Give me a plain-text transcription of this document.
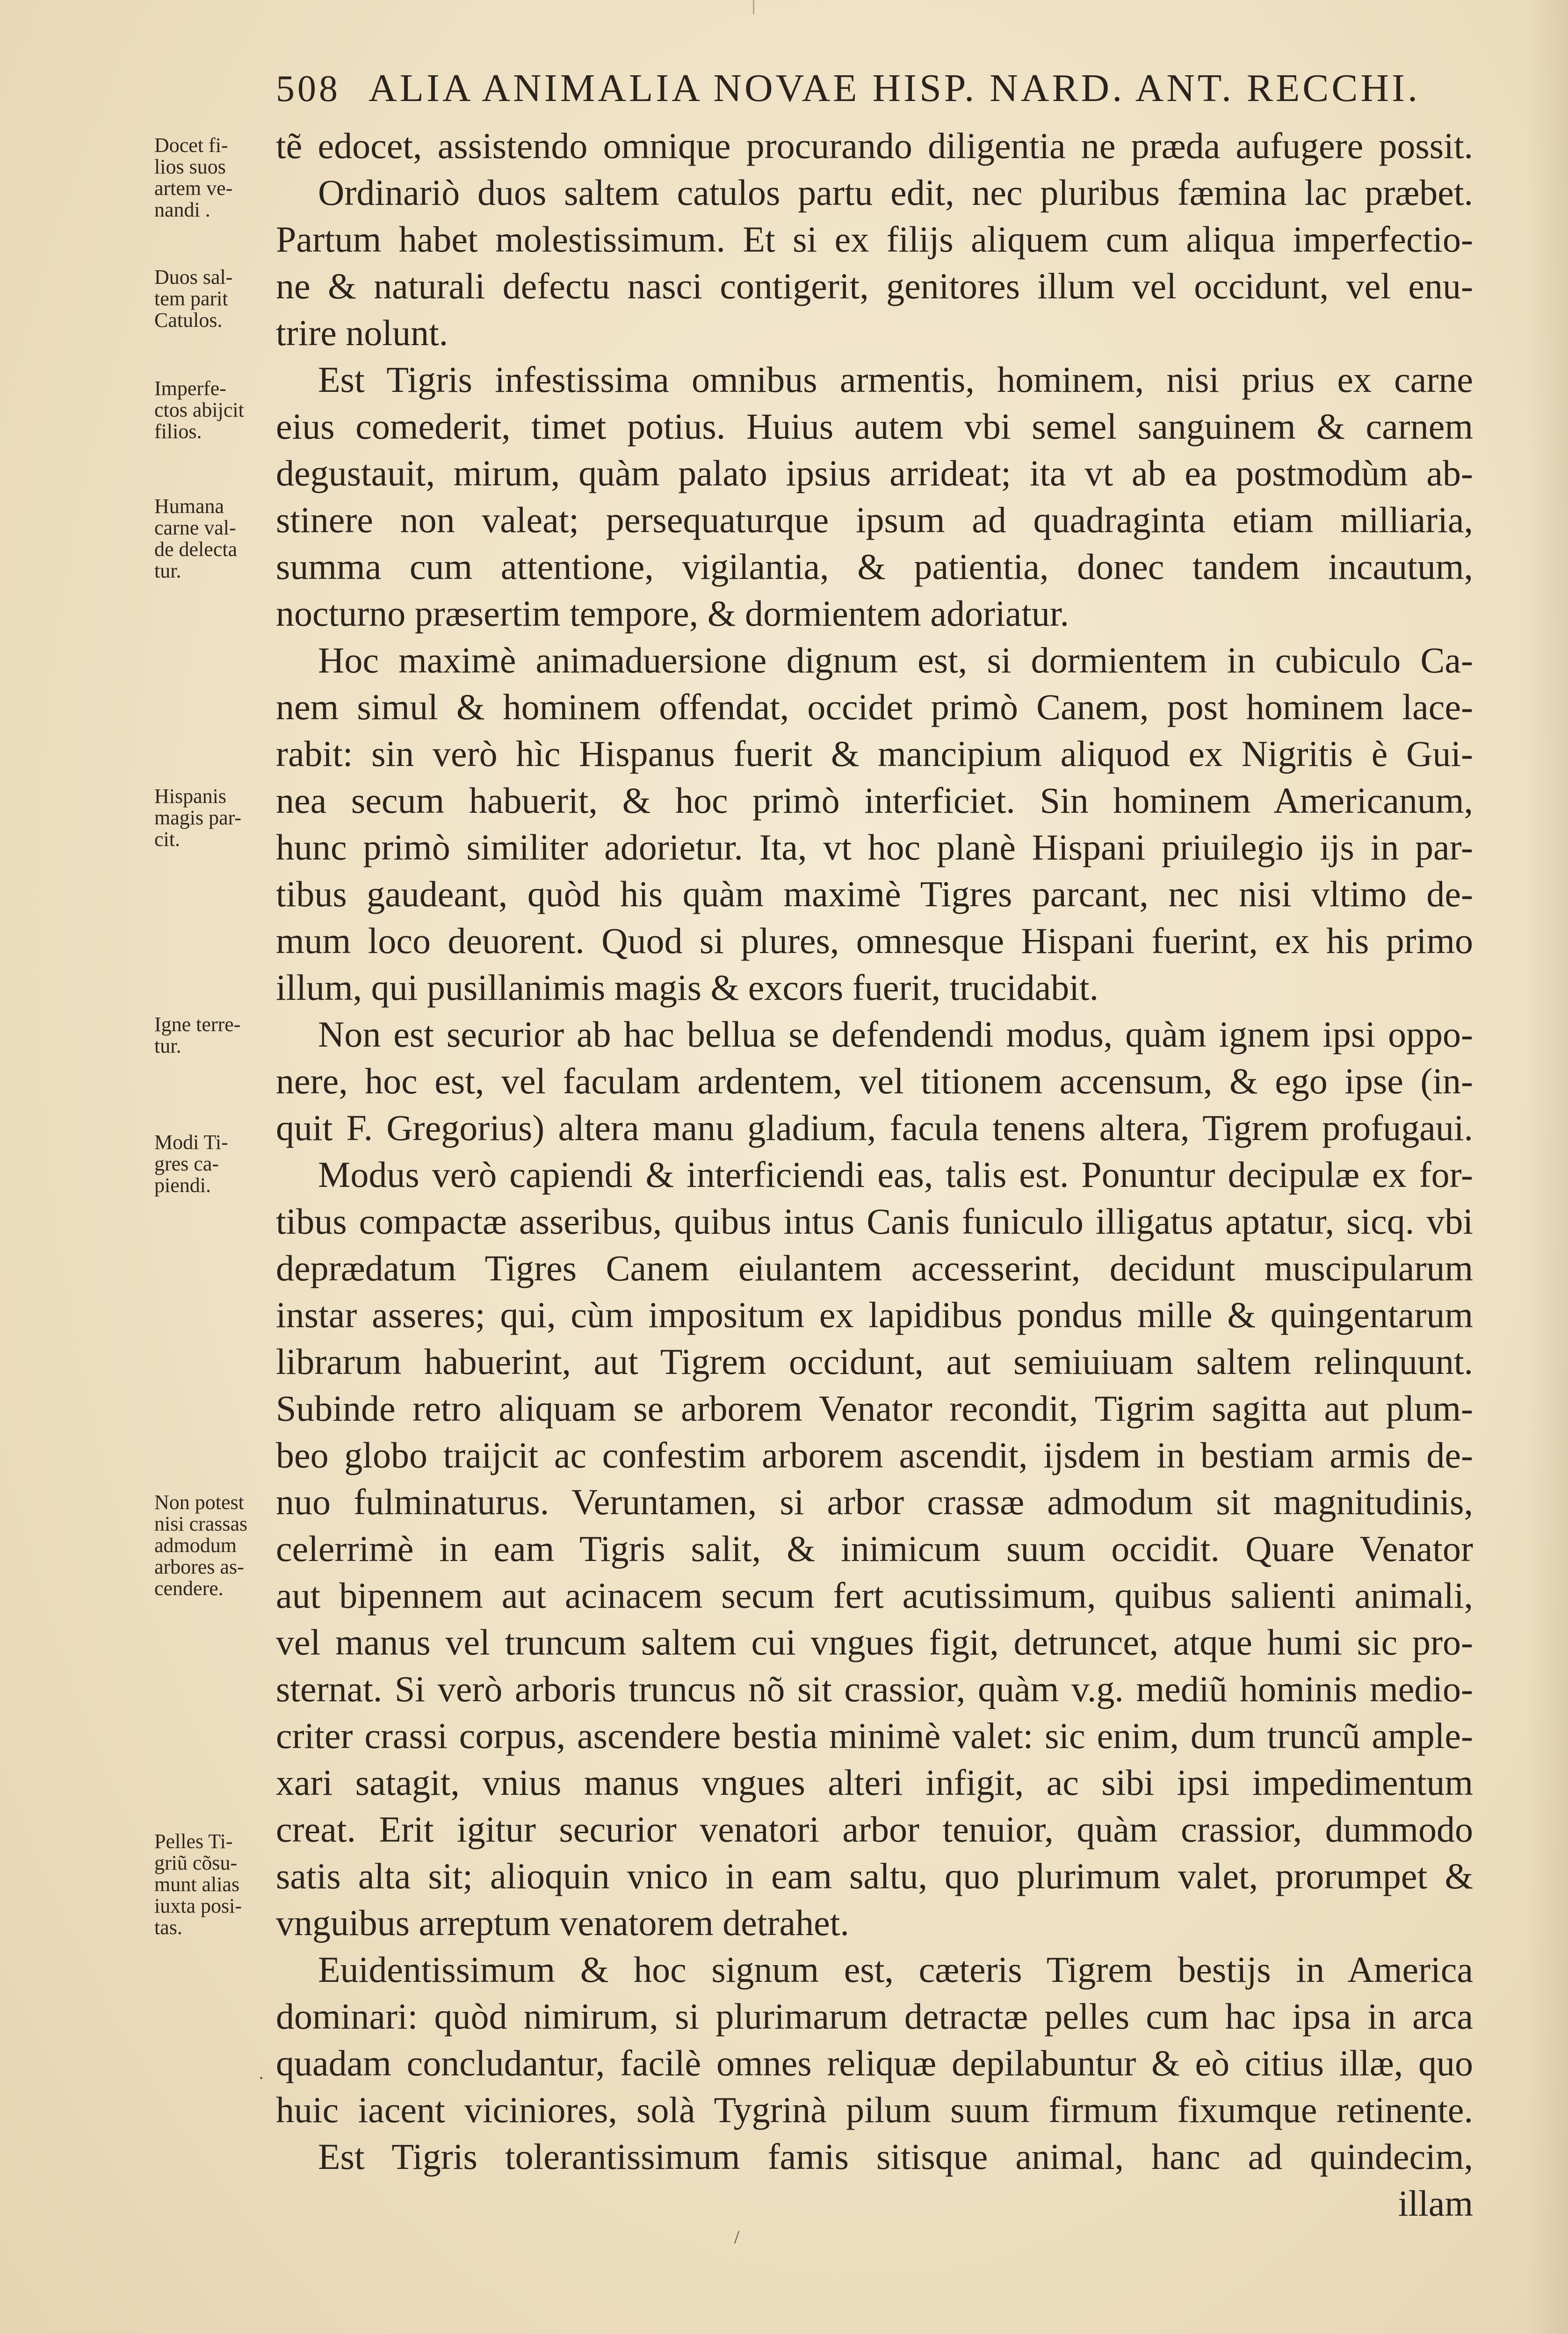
508 ALIA ANIMALIA NOVAE HISP. NARD. ANT. RECCHI.
Docet fi-
lios suos
artem ve-
nandi .
Duos sal-
tem parit
Catulos.
Imperfe-
ctos abijcit
filios.
Humana
carne val-
de delecta
tur.
Hispanis
magis par-
cit.
Igne terre-
tur.
Modi Ti-
gres ca-
piendi.
Non potest
nisi crassas
admodum
arbores as-
cendere.
Pelles Ti-
griũ cõsu-
munt alias
iuxta posi-
tas.
tẽ edocet, assistendo omnique procurando diligentia ne præda aufugere possit.
Ordinariò duos saltem catulos partu edit, nec pluribus fæmina lac præbet.
Partum habet molestissimum. Et si ex filijs aliquem cum aliqua imperfectio-
ne & naturali defectu nasci contigerit, genitores illum vel occidunt, vel enu-
trire nolunt.
Est Tigris infestissima omnibus armentis, hominem, nisi prius ex carne
eius comederit, timet potius. Huius autem vbi semel sanguinem & carnem
degustauit, mirum, quàm palato ipsius arrideat; ita vt ab ea postmodùm ab-
stinere non valeat; persequaturque ipsum ad quadraginta etiam milliaria,
summa cum attentione, vigilantia, & patientia, donec tandem incautum,
nocturno præsertim tempore, & dormientem adoriatur.
Hoc maximè animaduersione dignum est, si dormientem in cubiculo Ca-
nem simul & hominem offendat, occidet primò Canem, post hominem lace-
rabit: sin verò hìc Hispanus fuerit & mancipium aliquod ex Nigritis è Gui-
nea secum habuerit, & hoc primò interficiet. Sin hominem Americanum,
hunc primò similiter adorietur. Ita, vt hoc planè Hispani priuilegio ijs in par-
tibus gaudeant, quòd his quàm maximè Tigres parcant, nec nisi vltimo de-
mum loco deuorent. Quod si plures, omnesque Hispani fuerint, ex his primo
illum, qui pusillanimis magis & excors fuerit, trucidabit.
Non est securior ab hac bellua se defendendi modus, quàm ignem ipsi oppo-
nere, hoc est, vel faculam ardentem, vel titionem accensum, & ego ipse (in-
quit F. Gregorius) altera manu gladium, facula tenens altera, Tigrem profugaui.
Modus verò capiendi & interficiendi eas, talis est. Ponuntur decipulæ ex for-
tibus compactæ asseribus, quibus intus Canis funiculo illigatus aptatur, sicq. vbi
deprædatum Tigres Canem eiulantem accesserint, decidunt muscipularum
instar asseres; qui, cùm impositum ex lapidibus pondus mille & quingentarum
librarum habuerint, aut Tigrem occidunt, aut semiuiuam saltem relinquunt.
Subinde retro aliquam se arborem Venator recondit, Tigrim sagitta aut plum-
beo globo traijcit ac confestim arborem ascendit, ijsdem in bestiam armis de-
nuo fulminaturus. Veruntamen, si arbor crassæ admodum sit magnitudinis,
celerrimè in eam Tigris salit, & inimicum suum occidit. Quare Venator
aut bipennem aut acinacem secum fert acutissimum, quibus salienti animali,
vel manus vel truncum saltem cui vngues figit, detruncet, atque humi sic pro-
sternat. Si verò arboris truncus nõ sit crassior, quàm v.g. mediũ hominis medio-
criter crassi corpus, ascendere bestia minimè valet: sic enim, dum truncũ ample-
xari satagit, vnius manus vngues alteri infigit, ac sibi ipsi impedimentum
creat. Erit igitur securior venatori arbor tenuior, quàm crassior, dummodo
satis alta sit; alioquin vnico in eam saltu, quo plurimum valet, prorumpet &
vnguibus arreptum venatorem detrahet.
Euidentissimum & hoc signum est, cæteris Tigrem bestijs in America
dominari: quòd nimirum, si plurimarum detractæ pelles cum hac ipsa in arca
quadam concludantur, facilè omnes reliquæ depilabuntur & eò citius illæ, quo
huic iacent viciniores, solà Tygrinà pilum suum firmum fixumque retinente.
Est Tigris tolerantissimum famis sitisque animal, hanc ad quindecim,
illam
·
/
